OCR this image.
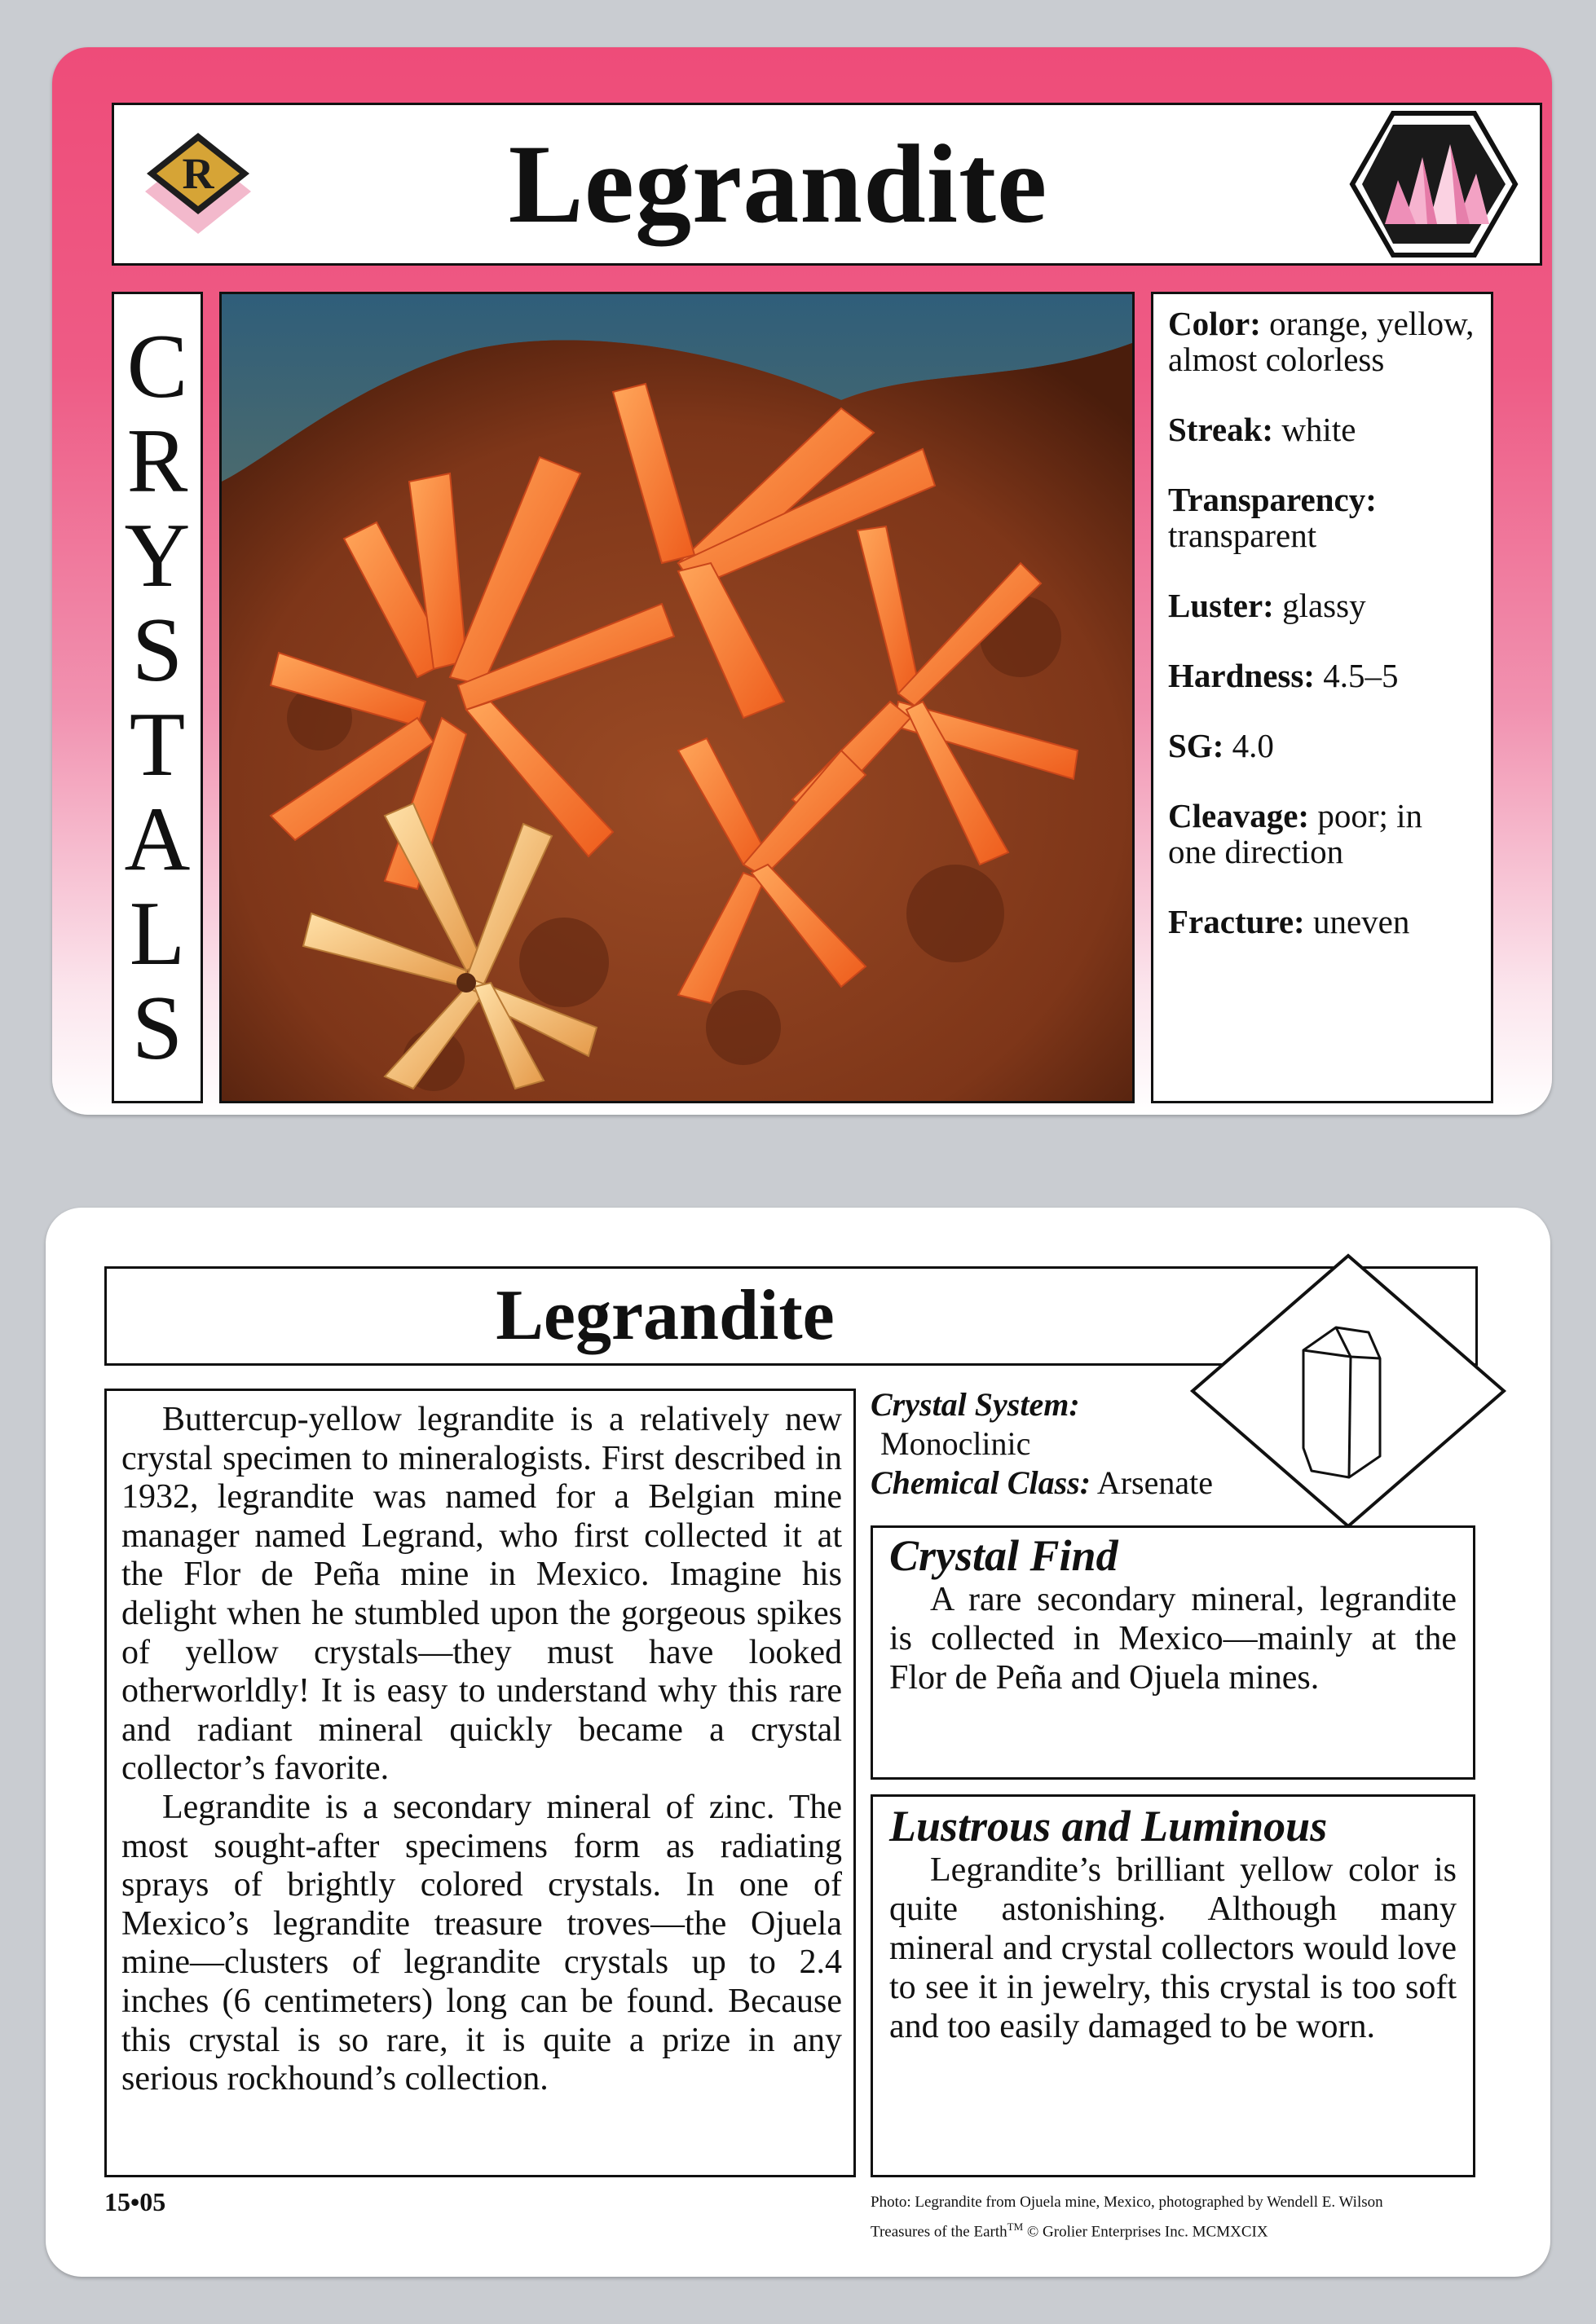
R	Legrandite
C
R
Y
S
T
A
L
S
Color: orange, yellow, almost colorless
Streak: white
Transparency: transparent
Luster: glassy
Hardness: 4.5–5
SG: 4.0
Cleavage: poor; in one direction
Fracture: uneven
Legrandite

Buttercup-yellow legrandite is a relatively new crystal specimen to mineralogists. First described in 1932, legrandite was named for a Belgian mine manager named Legrand, who first collected it at the Flor de Peña mine in Mexico. Imagine his delight when he stumbled upon the gorgeous spikes of yellow crystals—they must have looked otherworldly! It is easy to understand why this rare and radiant mineral quickly became a crystal collector’s favorite.

Legrandite is a secondary mineral of zinc. The most sought-after specimens form as radiating sprays of brightly colored crystals. In one of Mexico’s legrandite treasure troves—the Ojuela mine—clusters of legrandite crystals up to 2.4 inches (6 centimeters) long can be found. Because this crystal is so rare, it is quite a prize in any serious rockhound’s collection.

Crystal System:
Monoclinic
Chemical Class: Arsenate
Crystal Find
A rare secondary mineral, legrandite is collected in Mexico—mainly at the Flor de Peña and Ojuela mines.
Lustrous and Luminous
Legrandite’s brilliant yellow color is quite astonishing. Although many mineral and crystal collectors would love to see it in jewelry, this crystal is too soft and too easily damaged to be worn.
15•05	Photo: Legrandite from Ojuela mine, Mexico, photographed by Wendell E. Wilson
Treasures of the Earth™ © Grolier Enterprises Inc. MCMXCIX
